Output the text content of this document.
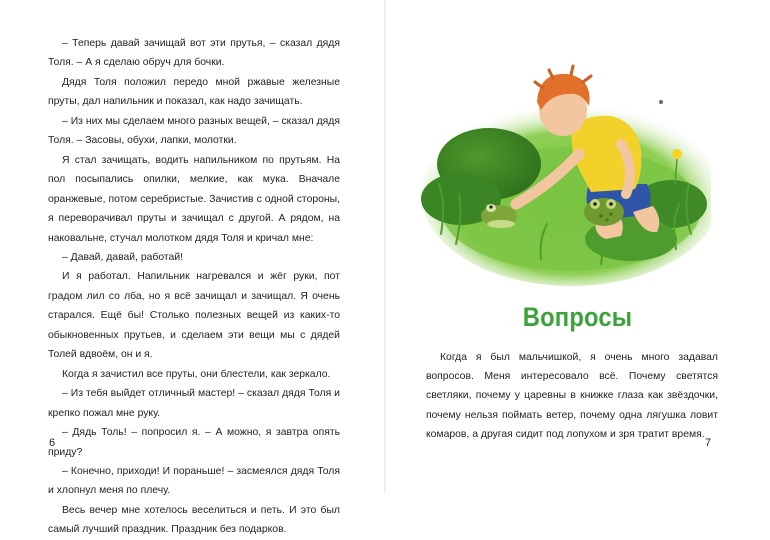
– Теперь давай зачищай вот эти прутья, – сказал дядя Толя. – А я сделаю обруч для бочки.

Дядя Толя положил передо мной ржавые железные пруты, дал напильник и показал, как надо зачищать.

– Из них мы сделаем много разных вещей, – сказал дядя Толя. – Засовы, обухи, лапки, молотки.

Я стал зачищать, водить напильником по прутьям. На пол посыпались опилки, мелкие, как мука. Вначале оранжевые, потом серебристые. Зачистив с одной стороны, я переворачивал пруты и зачищал с другой. А рядом, на наковальне, стучал молотком дядя Толя и кричал мне:

– Давай, давай, работай!

И я работал. Напильник нагревался и жёг руки, пот градом лил со лба, но я всё зачищал и зачищал. Я очень старался. Ещё бы! Столько полезных вещей из каких-то обыкновенных прутьев, и сделаем эти вещи мы с дядей Толей вдвоём, он и я.

Когда я зачистил все пруты, они блестели, как зеркало.

– Из тебя выйдет отличный мастер! – сказал дядя Толя и крепко пожал мне руку.

– Дядь Толь! – попросил я. – А можно, я завтра опять приду?

– Конечно, приходи! И пораньше! – засмеялся дядя Толя и хлопнул меня по плечу.

Весь вечер мне хотелось веселиться и петь. И это был самый лучший праздник. Праздник без подарков.

6
Вопросы

Когда я был мальчишкой, я очень много задавал вопросов. Меня интересовало всё. Почему светятся светляки, почему у царевны в книжке глаза как звёздочки, почему нельзя поймать ветер, почему одна лягушка ловит комаров, а другая сидит под лопухом и зря тратит время.

7
